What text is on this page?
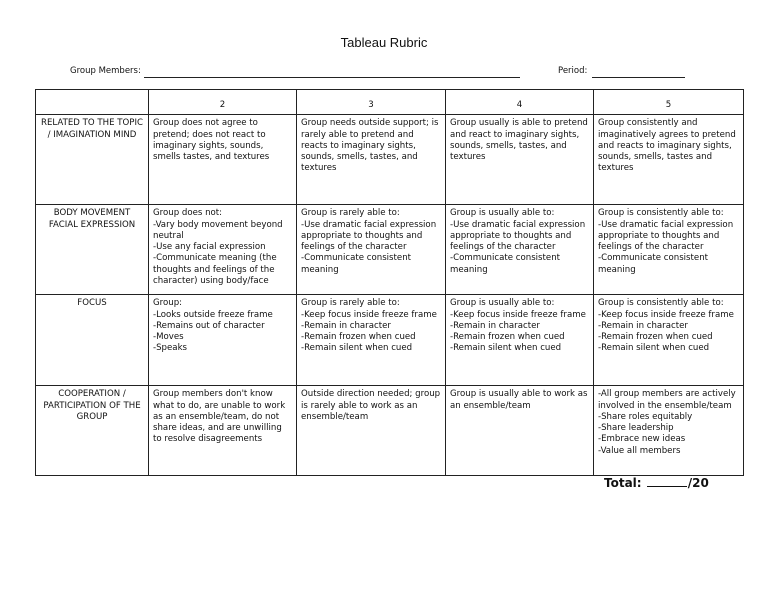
Tableau Rubric
Group Members:	Period:
	2	3	4	5
RELATED TO THE TOPIC / IMAGINATION MIND	Group does not agree to pretend; does not react to imaginary sights, sounds, smells tastes, and textures	Group needs outside support; is rarely able to pretend and reacts to imaginary sights, sounds, smells, tastes, and textures	Group usually is able to pretend and react to imaginary sights, sounds, smells, tastes, and textures	Group consistently and imaginatively agrees to pretend and reacts to imaginary sights, sounds, smells, tastes and textures
BODY MOVEMENT FACIAL EXPRESSION	Group does not:
-Vary body movement beyond neutral
-Use any facial expression
-Communicate meaning (the thoughts and feelings of the character) using body/face	Group is rarely able to:
-Use dramatic facial expression appropriate to thoughts and feelings of the character
-Communicate consistent meaning	Group is usually able to:
-Use dramatic facial expression appropriate to thoughts and feelings of the character
-Communicate consistent meaning	Group is consistently able to:
-Use dramatic facial expression appropriate to thoughts and feelings of the character
-Communicate consistent meaning
FOCUS	Group:
-Looks outside freeze frame
-Remains out of character
-Moves
-Speaks	Group is rarely able to:
-Keep focus inside freeze frame
-Remain in character
-Remain frozen when cued
-Remain silent when cued	Group is usually able to:
-Keep focus inside freeze frame
-Remain in character
-Remain frozen when cued
-Remain silent when cued	Group is consistently able to:
-Keep focus inside freeze frame
-Remain in character
-Remain frozen when cued
-Remain silent when cued
COOPERATION / PARTICIPATION OF THE GROUP	Group members don't know what to do, are unable to work as an ensemble/team, do not share ideas, and are unwilling to resolve disagreements	Outside direction needed; group is rarely able to work as an ensemble/team	Group is usually able to work as an ensemble/team	-All group members are actively involved in the ensemble/team
-Share roles equitably
-Share leadership
-Embrace new ideas
-Value all members
Total:	/20
